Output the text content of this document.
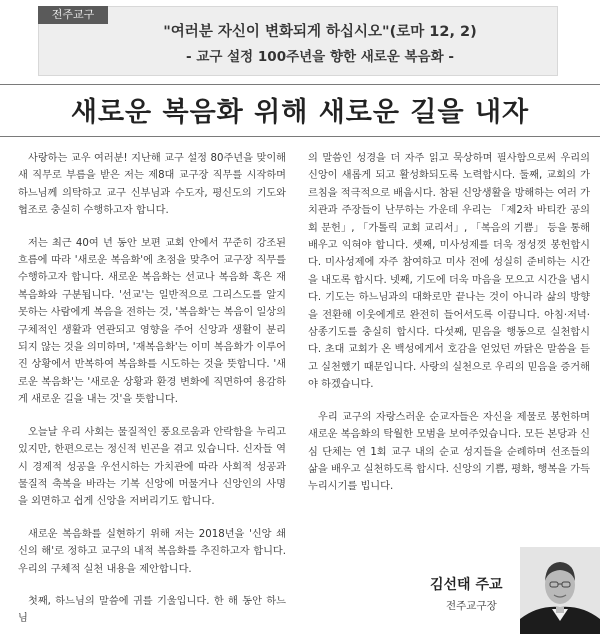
전주교구
"여러분 자신이 변화되게 하십시오"(로마 12, 2)
- 교구 설정 100주년을 향한 새로운 복음화 -
새로운 복음화 위해 새로운 길을 내자

사랑하는 교우 여러분! 지난해 교구 설정 80주년을 맞이해 새 직무로 부름을 받은 저는 제8대 교구장 직무를 시작하며 하느님께 의탁하고 교구 신부님과 수도자, 평신도의 기도와 협조로 충실히 수행하고자 합니다.

저는 최근 40여 년 동안 보편 교회 안에서 꾸준히 강조된 흐름에 따라 '새로운 복음화'에 초점을 맞추어 교구장 직무를 수행하고자 합니다. 새로운 복음화는 선교나 복음화 혹은 재복음화와 구분됩니다. '선교'는 일반적으로 그리스도를 알지 못하는 사람에게 복음을 전하는 것, '복음화'는 복음이 일상의 구체적인 생활과 연관되고 영향을 주어 신앙과 생활이 분리되지 않는 것을 의미하며, '재복음화'는 이미 복음화가 이루어진 상황에서 반복하여 복음화를 시도하는 것을 뜻합니다. '새로운 복음화'는 '새로운 상황과 환경 변화에 직면하여 용감하게 새로운 길을 내는 것'을 뜻합니다.

오늘날 우리 사회는 물질적인 풍요로움과 안락함을 누리고 있지만, 한편으로는 정신적 빈곤을 겪고 있습니다. 신자들 역시 경제적 성공을 우선시하는 가치관에 따라 사회적 성공과 물질적 축복을 바라는 기복 신앙에 머물거나 신앙인의 사명을 외면하고 쉽게 신앙을 저버리기도 합니다.

새로운 복음화를 실현하기 위해 저는 2018년을 '신앙 쇄신의 해'로 정하고 교구의 내적 복음화를 추진하고자 합니다. 우리의 구체적 실천 내용을 제안합니다.

첫째, 하느님의 말씀에 귀를 기울입니다. 한 해 동안 하느님

의 말씀인 성경을 더 자주 읽고 묵상하며 필사함으로써 우리의 신앙이 새롭게 되고 활성화되도록 노력합시다. 둘째, 교회의 가르침을 적극적으로 배웁시다. 참된 신앙생활을 방해하는 여러 가치관과 주장들이 난무하는 가운데 우리는 「제2차 바티칸 공의회 문헌」, 「가톨릭 교회 교리서」, 「복음의 기쁨」 등을 통해 배우고 익혀야 합니다. 셋째, 미사성제를 더욱 정성껏 봉헌합시다. 미사성제에 자주 참여하고 미사 전에 성실히 준비하는 시간을 내도록 합시다. 넷째, 기도에 더욱 마음을 모으고 시간을 냅시다. 기도는 하느님과의 대화로만 끝나는 것이 아니라 삶의 방향을 전환해 이웃에게로 완전히 들어서도록 이끕니다. 아침·저녁·삼종기도를 충실히 합시다. 다섯째, 믿음을 행동으로 실천합시다. 초대 교회가 온 백성에게서 호감을 얻었던 까닭은 말씀을 듣고 실천했기 때문입니다. 사랑의 실천으로 우리의 믿음을 증거해야 하겠습니다.

우리 교구의 자랑스러운 순교자들은 자신을 제물로 봉헌하며 새로운 복음화의 탁월한 모범을 보여주었습니다. 모든 본당과 신심 단체는 연 1회 교구 내의 순교 성지들을 순례하며 선조들의 삶을 배우고 실천하도록 합시다. 신앙의 기쁨, 평화, 행복을 가득 누리시기를 빕니다.

김선태 주교
전주교구장
